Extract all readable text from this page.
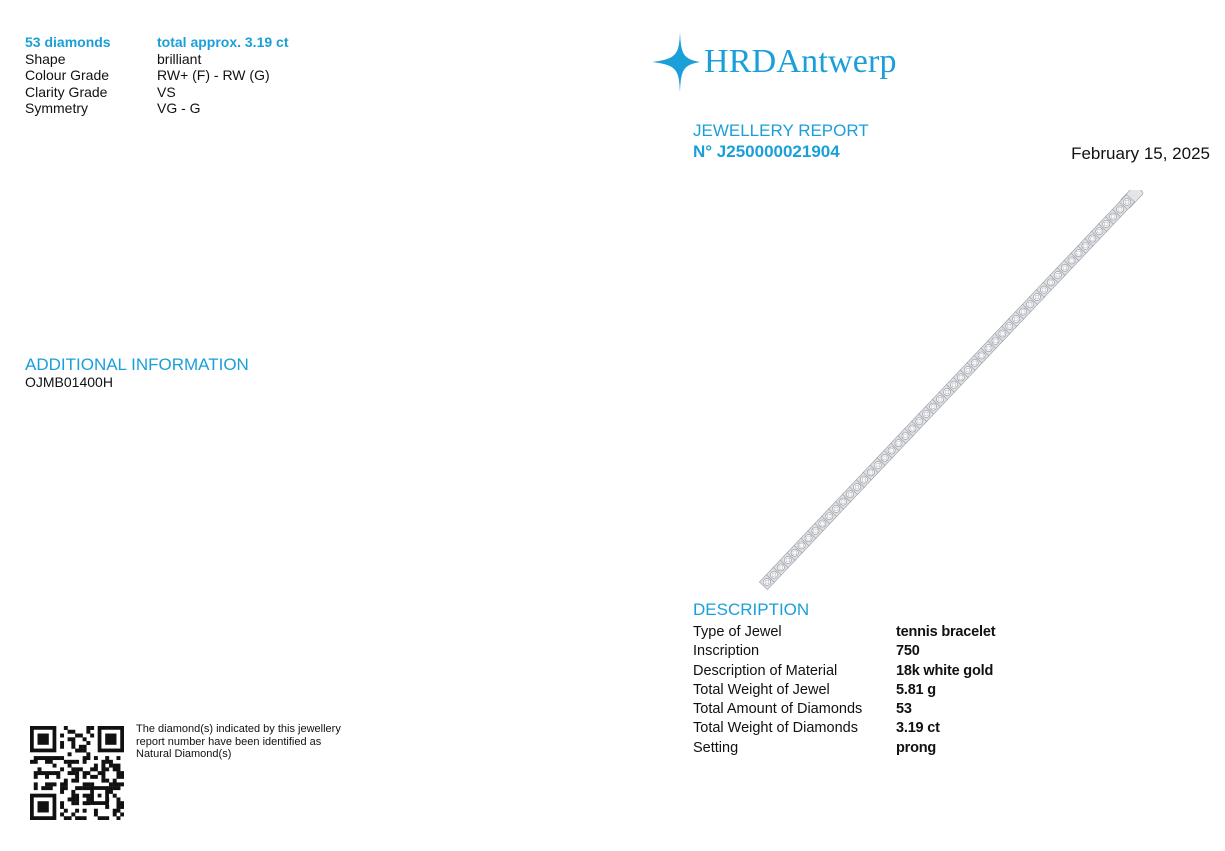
53 diamonds	total approx. 3.19 ct
Shape	brilliant
Colour Grade	RW+ (F) - RW (G)
Clarity Grade	VS
Symmetry	VG - G
ADDITIONAL INFORMATION
OJMB01400H
The diamond(s) indicated by this jewellery
report number have been identified as
Natural Diamond(s)
HRDAntwerp
JEWELLERY REPORT
N° J250000021904	February 15, 2025
DESCRIPTION
Type of Jewel	tennis bracelet
Inscription	750
Description of Material	18k white gold
Total Weight of Jewel	5.81 g
Total Amount of Diamonds	53
Total Weight of Diamonds	3.19 ct
Setting	prong
